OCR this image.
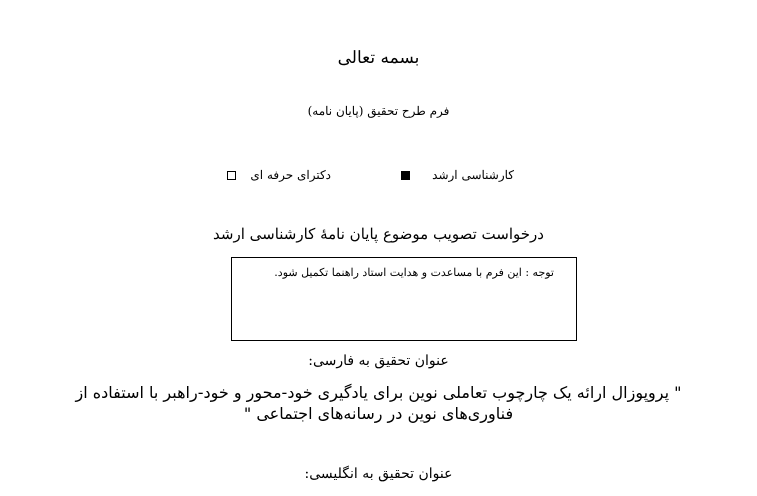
بسمه تعالی
فرم طرح تحقیق (پایان نامه)
کارشناسی ارشد
دکترای حرفه ای
درخواست تصویب موضوع پایان نامۀ کارشناسی ارشد
توجه : این فرم با مساعدت و هدایت استاد راهنما تکمیل شود.
عنوان تحقیق به فارسی:
" پروپوزال ارائه یک چارچوب تعاملی نوین برای یادگیری خود-محور و خود-راهبر با استفاده از
فناوری‌های نوین در رسانه‌های اجتماعی "
عنوان تحقیق به انگلیسی:
